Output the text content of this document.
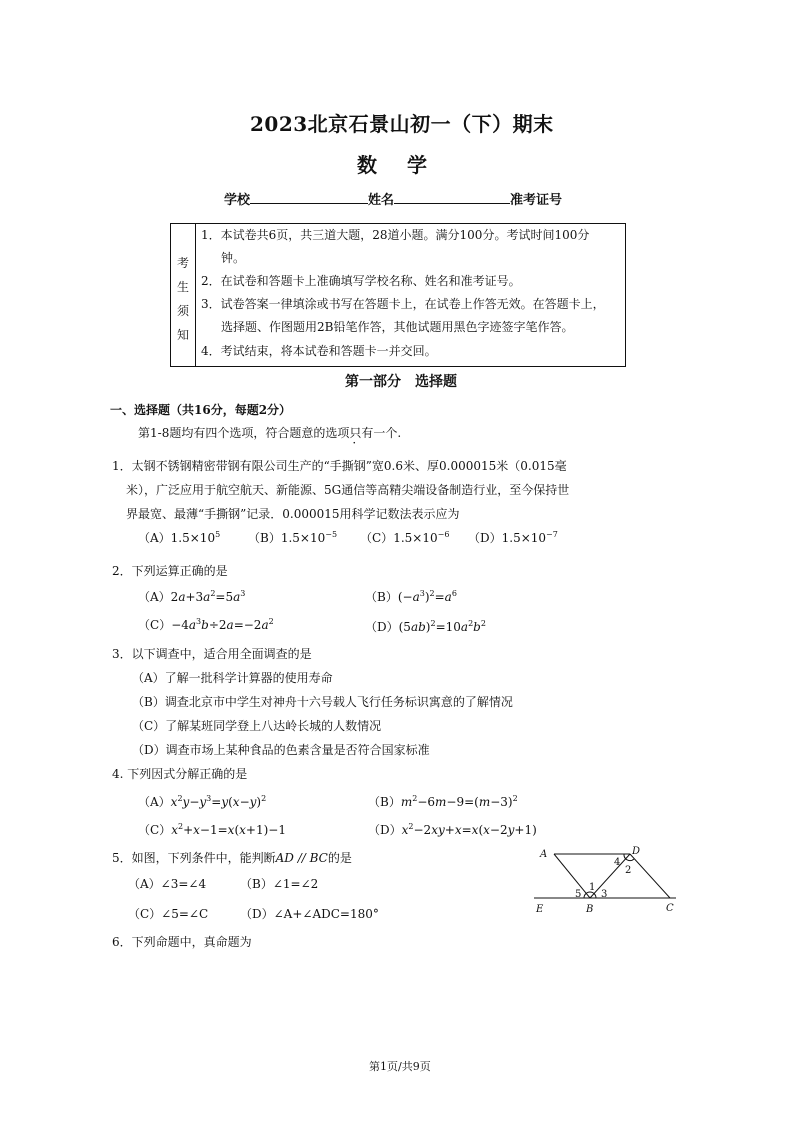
2023北京石景山初一（下）期末
数学
学校	姓名	准考证号
考
生
须
知
1．本试卷共6页，共三道大题，28道小题。满分100分。考试时间100分
钟。
2．在试卷和答题卡上准确填写学校名称、姓名和准考证号。
3．试卷答案一律填涂或书写在答题卡上，在试卷上作答无效。在答题卡上，
选择题、作图题用2B铅笔作答，其他试题用黑色字迹签字笔作答。
4．考试结束，将本试卷和答题卡一并交回。
第一部分　选择题
一、选择题（共16分，每题2分）
第1-8题均有四个选项，符合题意的选项只有一个.
1．太钢不锈钢精密带钢有限公司生产的“手撕钢”宽0.6米、厚0.000015米（0.015毫
米），广泛应用于航空航天、新能源、5G通信等高精尖端设备制造行业，至今保持世
界最宽、最薄“手撕钢”记录．0.000015用科学记数法表示应为
$(A)1.5\times 10^5$ $(B)1.5\times 10^{-5}$ $(C)1.5\times 10^{-6}$ $(D)1.5\times 10^{-7}$
2．下列运算正确的是
$(A)2a+3a^2=5a^3$	$(B)(-a^3)^2=a^6$
$(C)-4a^3b\div 2a=-2a^2$	$(D)(5ab)^2=10a^2b^2$
3．以下调查中，适合用全面调查的是
（A）了解一批科学计算器的使用寿命
（B）调查北京市中学生对神舟十六号载人飞行任务标识寓意的了解情况
（C）了解某班同学登上八达岭长城的人数情况
（D）调查市场上某种食品的色素含量是否符合国家标准
4. 下列因式分解正确的是
$(A)x^2y-y^3=y(x-y)^2$	$(B)m^2-6m-9=(m-3)^2$
$(C)x^2+x-1=x(x+1)-1$	$(D)x^2-2xy+x=x(x-2y+1)$
5．如图，下列条件中，能判断AD // BC的是
（A）∠3=∠4	（B）∠1=∠2
（C）∠5=∠C	（D）∠A+∠ADC=180°
A	D
E	B	C
1
2
3
4
5
6．下列命题中，真命题为
第1页/共9页
